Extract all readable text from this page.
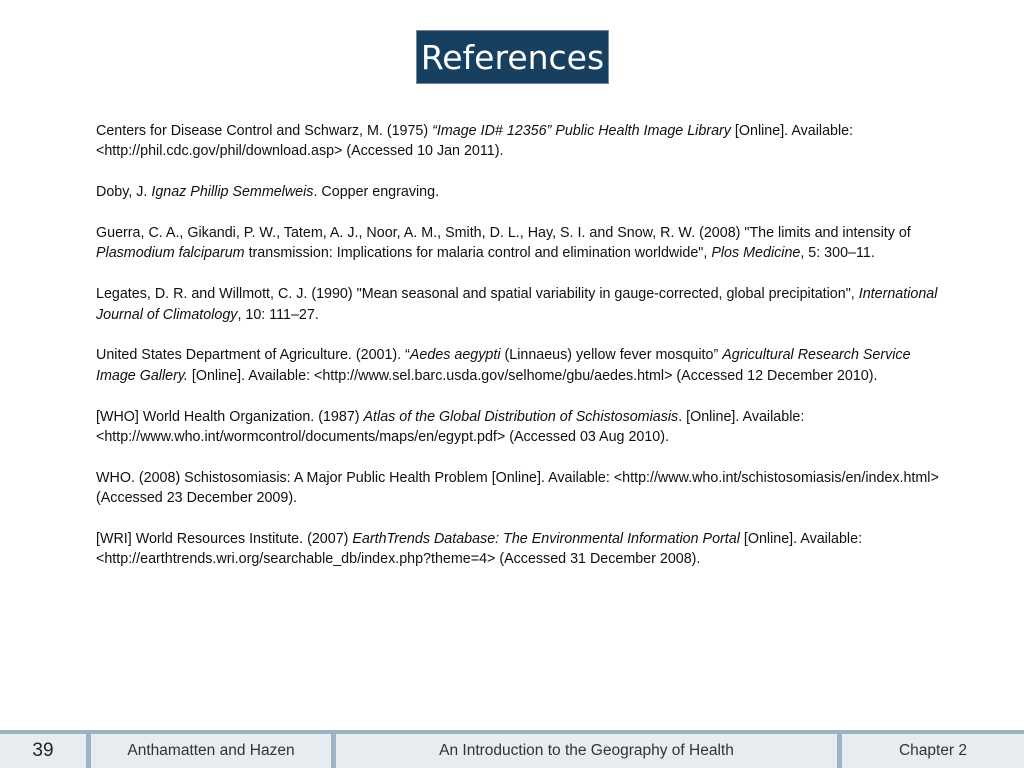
References

Centers for Disease Control and Schwarz, M. (1975) “Image ID# 12356” Public Health Image Library [Online]. Available: <http://phil.cdc.gov/phil/download.asp> (Accessed 10 Jan 2011).

Doby, J. Ignaz Phillip Semmelweis. Copper engraving.

Guerra, C. A., Gikandi, P. W., Tatem, A. J., Noor, A. M., Smith, D. L., Hay, S. I. and Snow, R. W. (2008) "The limits and intensity of Plasmodium falciparum transmission: Implications for malaria control and elimination worldwide", Plos Medicine, 5: 300–11.

Legates, D. R. and Willmott, C. J. (1990) "Mean seasonal and spatial variability in gauge-corrected, global precipitation", International Journal of Climatology, 10: 111–27.

United States Department of Agriculture. (2001). “Aedes aegypti (Linnaeus) yellow fever mosquito” Agricultural Research Service Image Gallery. [Online]. Available: <http://www.sel.barc.usda.gov/selhome/gbu/aedes.html> (Accessed 12 December 2010).

[WHO] World Health Organization. (1987) Atlas of the Global Distribution of Schistosomiasis. [Online]. Available: <http://www.who.int/wormcontrol/documents/maps/en/egypt.pdf> (Accessed 03 Aug 2010).

WHO. (2008) Schistosomiasis: A Major Public Health Problem [Online]. Available: <http://www.who.int/schistosomiasis/en/index.html> (Accessed 23 December 2009).

[WRI] World Resources Institute. (2007) EarthTrends Database: The Environmental Information Portal [Online]. Available: <http://earthtrends.wri.org/searchable_db/index.php?theme=4> (Accessed 31 December 2008).

39	Anthamatten and Hazen	An Introduction to the Geography of Health	Chapter 2
